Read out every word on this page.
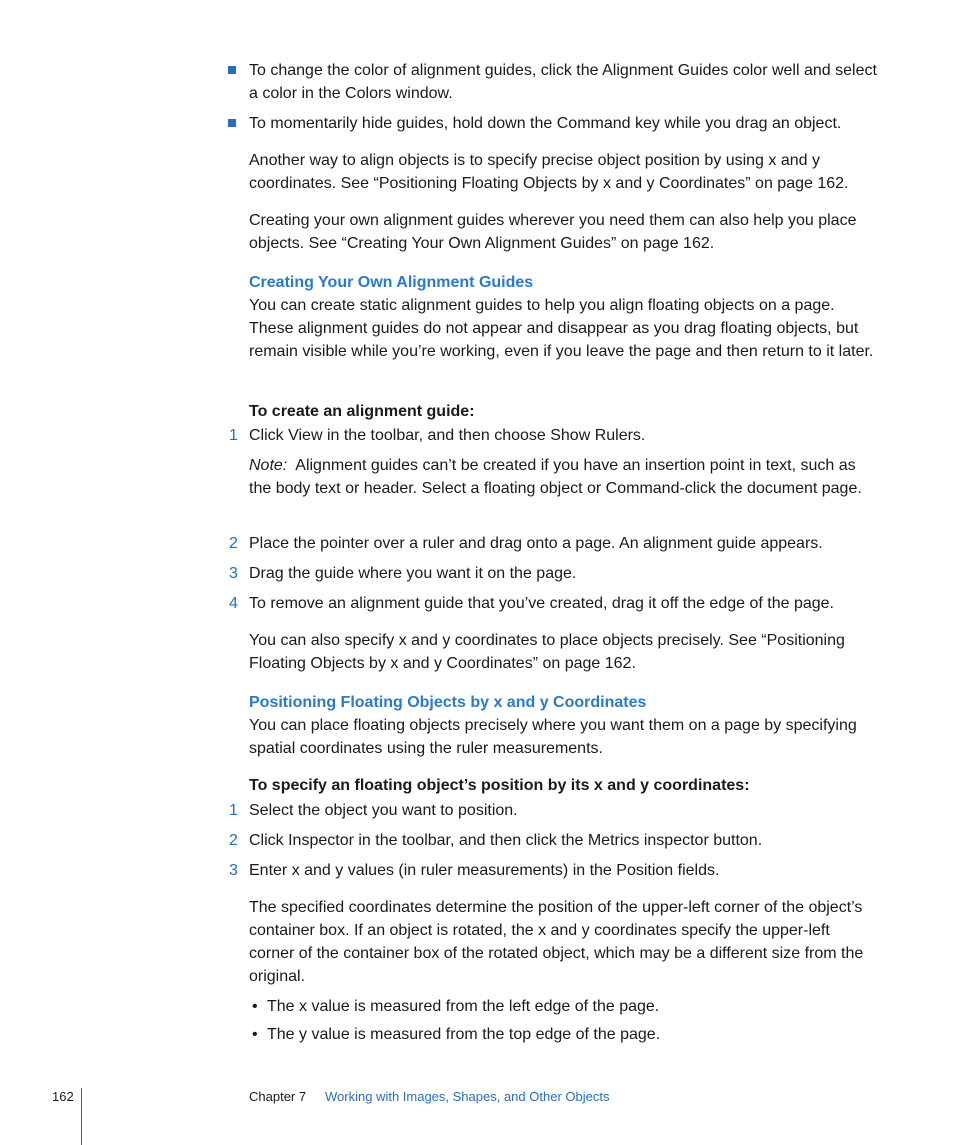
To change the color of alignment guides, click the Alignment Guides color well and select a color in the Colors window.

To momentarily hide guides, hold down the Command key while you drag an object.

Another way to align objects is to specify precise object position by using x and y coordinates. See “Positioning Floating Objects by x and y Coordinates” on page 162.

Creating your own alignment guides wherever you need them can also help you place objects. See “Creating Your Own Alignment Guides” on page 162.

Creating Your Own Alignment Guides

You can create static alignment guides to help you align floating objects on a page. These alignment guides do not appear and disappear as you drag floating objects, but remain visible while you’re working, even if you leave the page and then return to it later.

To create an alignment guide:

1 Click View in the toolbar, and then choose Show Rulers.

Note: Alignment guides can’t be created if you have an insertion point in text, such as the body text or header. Select a floating object or Command-click the document page.

2 Place the pointer over a ruler and drag onto a page. An alignment guide appears.

3 Drag the guide where you want it on the page.

4 To remove an alignment guide that you’ve created, drag it off the edge of the page.

You can also specify x and y coordinates to place objects precisely. See “Positioning Floating Objects by x and y Coordinates” on page 162.

Positioning Floating Objects by x and y Coordinates

You can place floating objects precisely where you want them on a page by specifying spatial coordinates using the ruler measurements.

To specify an floating object’s position by its x and y coordinates:

1 Select the object you want to position.

2 Click Inspector in the toolbar, and then click the Metrics inspector button.

3 Enter x and y values (in ruler measurements) in the Position fields.

The specified coordinates determine the position of the upper-left corner of the object’s container box. If an object is rotated, the x and y coordinates specify the upper-left corner of the container box of the rotated object, which may be a different size from the original.

• The x value is measured from the left edge of the page.

• The y value is measured from the top edge of the page.

162	Chapter 7 Working with Images, Shapes, and Other Objects
